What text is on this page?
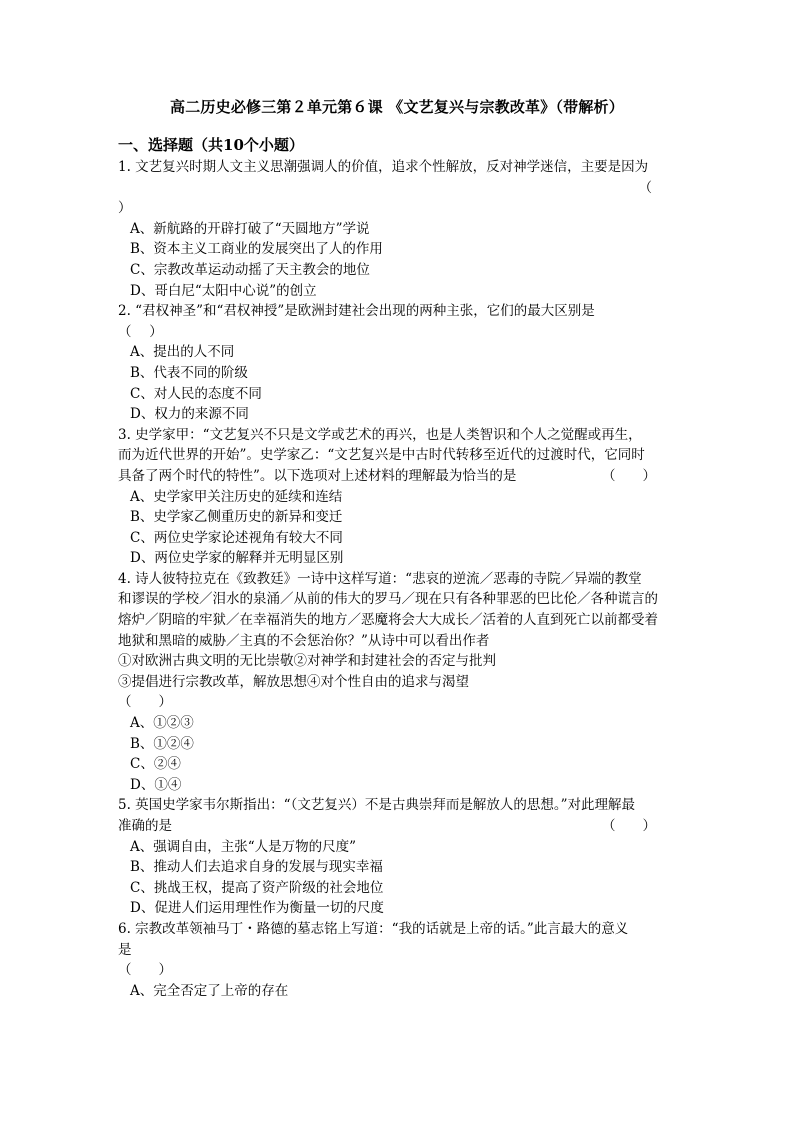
高二历史必修三第２单元第６课 《文艺复兴与宗教改革》（带解析）
一、选择题（共10个小题）
1. 文艺复兴时期人文主义思潮强调人的价值，追求个性解放，反对神学迷信，主要是因为
（
）
A、新航路的开辟打破了“天圆地方”学说
B、资本主义工商业的发展突出了人的作用
C、宗教改革运动动摇了天主教会的地位
D、哥白尼“太阳中心说”的创立
2. “君权神圣”和“君权神授”是欧洲封建社会出现的两种主张，它们的最大区别是
（　 ）
A、提出的人不同
B、代表不同的阶级
C、对人民的态度不同
D、权力的来源不同
3. 史学家甲：“文艺复兴不只是文学或艺术的再兴，也是人类智识和个人之觉醒或再生，
而为近代世界的开始”。史学家乙：“文艺复兴是中古时代转移至近代的过渡时代，它同时
具备了两个时代的特性”。以下选项对上述材料的理解最为恰当的是	（　　）
A、史学家甲关注历史的延续和连结
B、史学家乙侧重历史的新异和变迁
C、两位史学家论述视角有较大不同
D、两位史学家的解释并无明显区别
4. 诗人彼特拉克在《致教廷》一诗中这样写道：“悲哀的逆流／恶毒的寺院／异端的教堂
和谬误的学校／泪水的泉涌／从前的伟大的罗马／现在只有各种罪恶的巴比伦／各种谎言的
熔炉／阴暗的牢狱／在幸福消失的地方／恶魔将会大大成长／活着的人直到死亡以前都受着
地狱和黑暗的威胁／主真的不会惩治你？”从诗中可以看出作者
①对欧洲古典文明的无比崇敬②对神学和封建社会的否定与批判
③提倡进行宗教改革，解放思想④对个性自由的追求与渴望
（　　）
A、①②③
B、①②④
C、②④
D、①④
5. 英国史学家韦尔斯指出：“（文艺复兴）不是古典崇拜而是解放人的思想。”对此理解最
准确的是	（　　）
A、强调自由，主张“人是万物的尺度”
B、推动人们去追求自身的发展与现实幸福
C、挑战王权，提高了资产阶级的社会地位
D、促进人们运用理性作为衡量一切的尺度
6. 宗教改革领袖马丁・路德的墓志铭上写道：“我的话就是上帝的话。”此言最大的意义
是
（　　）
A、完全否定了上帝的存在
